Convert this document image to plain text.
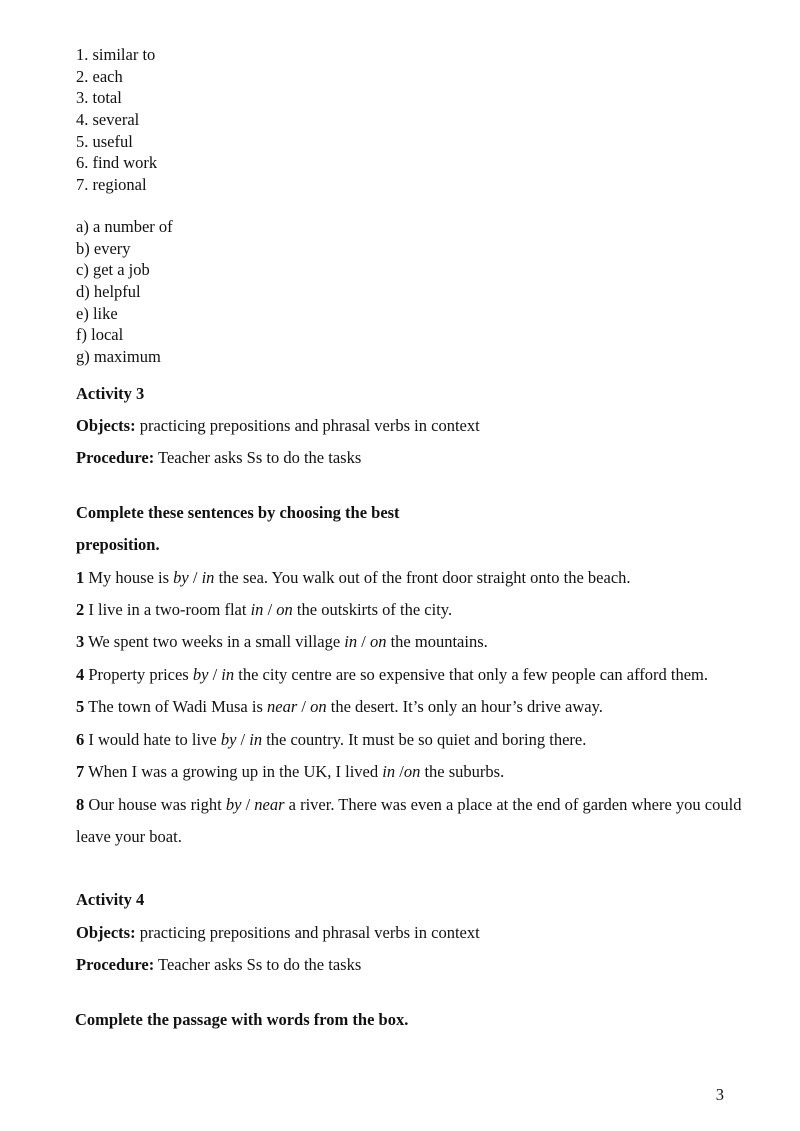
1. similar to
2. each
3. total
4. several
5. useful
6. find work
7. regional
a) a number of
b) every
c) get a job
d) helpful
e) like
f) local
g) maximum
Activity 3
Objects: practicing prepositions and phrasal verbs in context
Procedure: Teacher asks Ss to do the tasks
Complete these sentences by choosing the best
preposition.
1 My house is by / in the sea. You walk out of the front door straight onto the beach.
2 I live in a two-room flat in / on the outskirts of the city.
3 We spent two weeks in a small village in / on the mountains.
4 Property prices by / in the city centre are so expensive that only a few people can afford them.
5 The town of Wadi Musa is near / on the desert. It’s only an hour’s drive away.
6 I would hate to live by / in the country. It must be so quiet and boring there.
7 When I was a growing up in the UK, I lived in /on the suburbs.
8 Our house was right by / near a river. There was even a place at the end of garden where you could leave your boat.
Activity 4
Objects: practicing prepositions and phrasal verbs in context
Procedure: Teacher asks Ss to do the tasks
Complete the passage with words from the box.
3
